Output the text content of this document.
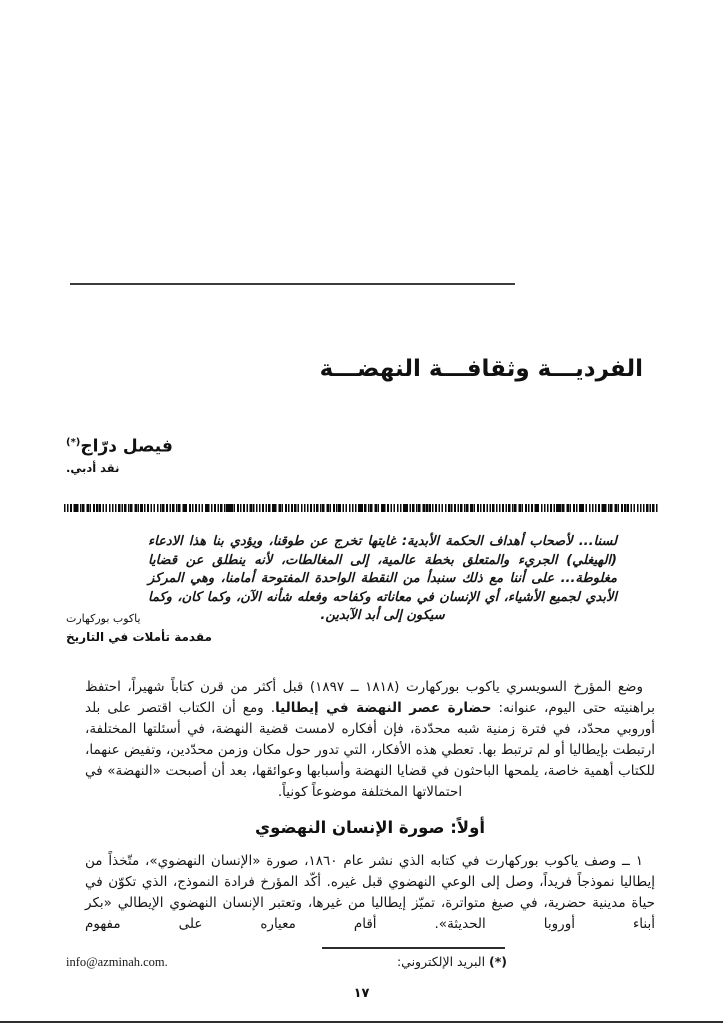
الفرديـــة وثقافـــة النهضـــة
فيصل درّاج(*)
نقد أدبي.
لسنا... لأصحاب أهداف الحكمة الأبدية: غايتها تخرج عن طوقنا، ويؤدي بنا هذا الادعاء (الهيغلي) الجريء والمتعلق بخطة عالمية، إلى المغالطات، لأنه ينطلق عن قضايا مغلوطة... على أننا مع ذلك سنبدأ من النقطة الواحدة المفتوحة أمامنا، وهي المركز الأبدي لجميع الأشياء، أي الإنسان في معاناته وكفاحه وفعله شأنه الآن، وكما كان، وكما سيكون إلى أبد الآبدين.
ياكوب بوركهارت
مقدمة تأملات في التاريخ

وضع المؤرخ السويسري ياكوب بوركهارت (١٨١٨ ــ ١٨٩٧) قبل أكثر من قرن كتاباً شهيراً، احتفظ براهنيته حتى اليوم، عنوانه: حضارة عصر النهضة في إيطاليا. ومع أن الكتاب اقتصر على بلد أوروبي محدّد، في فترة زمنية شبه محدّدة، فإن أفكاره لامست قضية النهضة، في أسئلتها المختلفة، ارتبطت بإيطاليا أو لم ترتبط بها. تعطي هذه الأفكار، التي تدور حول مكان وزمن محدّدين، وتفيض عنهما، للكتاب أهمية خاصة، يلمحها الباحثون في قضايا النهضة وأسبابها وعوائقها، بعد أن أصبحت «النهضة» في احتمالاتها المختلفة موضوعاً كونياً.

أولاً: صورة الإنسان النهضوي

١ ــ وصف ياكوب بوركهارت في كتابه الذي نشر عام ١٨٦٠، صورة «الإنسان النهضوي»، متّخذاً من إيطاليا نموذجاً فريداً، وصل إلى الوعي النهضوي قبل غيره. أكّد المؤرخ فرادة النموذج، الذي تكوّن في حياة مدينية حضرية، في صيغ متواترة، تميّز إيطاليا من غيرها، وتعتبر الإنسان النهضوي الإيطالي «بكر أبناء أوروبا الحديثة». أقام معياره على مفهوم

(*) البريد الإلكتروني:
info@azminah.com.
١٧
